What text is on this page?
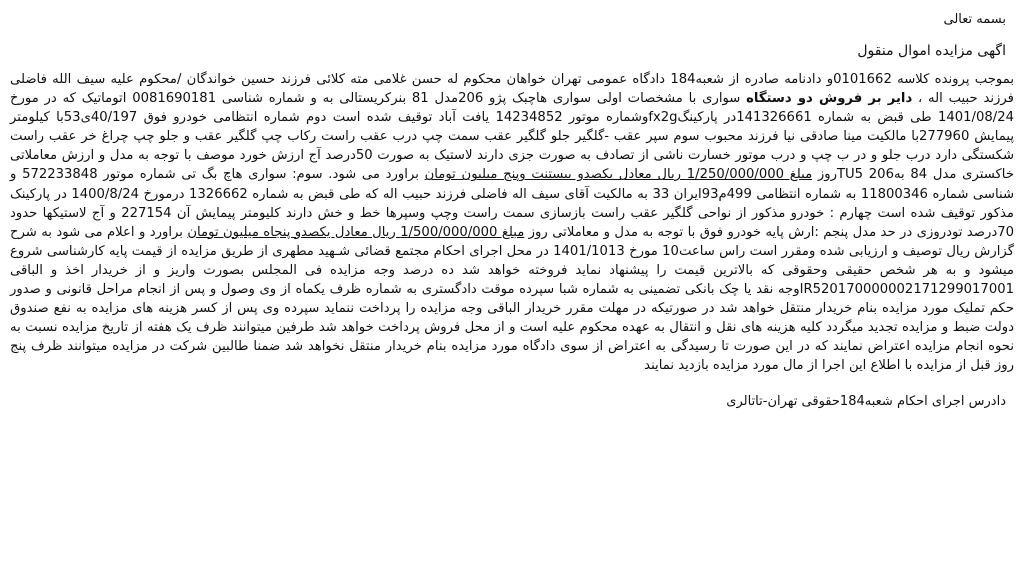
بسمه تعالی
اگهی مزایده اموال منقول

بموجب پرونده کلاسه 0101662و دادنامه صادره از شعبه184 دادگاه عمومی تهران خواهان محکوم له حسن غلامی مته کلائی فرزند حسین خواندگان /محکوم علیه سیف الله فاضلی فرزند حبیب اله ، دایر بر فروش دو دستگاه سواری با مشخصات اولی سواری هاچبک پژو 206مدل 81 بنرکریستالی به و شماره شناسی 0081690181 اتوماتیک که در مورخ 1401/08/24 طی قبض به شماره 141326661در پارکینگfx2gوشماره موتور 14234852 یافت آباد توقیف شده است دوم شماره انتظامی خودرو فوق 40/197ی53با کیلومتر پیمایش 277960با مالکیت مینا صادقی نیا فرزند محبوب سوم سپر عقب -گلگیر جلو گلگیر عقب سمت چپ درب عقب راست رکاب چپ گلگیر عقب و جلو چپ چراغ خر عقب راست شکستگی دارد درب جلو و در ب چپ و درب موتور خسارت ناشی از تصادف به صورت جزی دارند لاستیک به صورت 50درصد آج ارزش خورد موصف با توجه به مدل و ارزش معاملاتی خاکستری مدل 84 به206 TU5روز مبلغ 1/250/000/000 ریال معادل یکصدو بیستنت وپنج میلیون تومان براورد می شود. سوم: سواری هاچ بگ تی شماره موتور 572233848 و شناسی شماره 11800346 به شماره انتظامی 499م93ایران 33 به مالکیت آقای سیف اله فاضلی فرزند حبیب اله که طی قبض به شماره 1326662 درمورخ 1400/8/24 در پارکینک مذکور توقیف شده است چهارم : خودرو مذکور از نواحی گلگیر عقب راست بازسازی سمت راست وچپ وسپرها خط و خش دارند کلیومتر پیمایش آن 227154 و آج لاستیکها حدود 70درصد تودروزی در حد مدل پنجم :ارش پایه خودرو فوق با توجه به مدل و معاملاتی روز مبلغ 1/500/000/000 ریال معادل یکصدو پنجاه میلیون تومان براورد و اعلام می شود به شرح گزارش ریال توصیف و ارزیابی شده ومقرر است راس ساعت10 مورخ 1401/1013 در محل اجرای احکام مجتمع قضائی شـهید مطهری از طریق مزایده از قیمت پایه کارشناسی شروع میشود و به هر شخص حقیقی وحقوقی که بالاترین قیمت را پیشنهاد نماید فروخته خواهد شد ده درصد وجه مزایده فی المجلس بصورت واریز و از خریدار اخذ و الباقی IR520170000002171299017001وجه نقد یا چک بانکی تضمینی به شماره شبا سپرده موقت دادگستری به شماره ظرف یکماه از وی وصول و پس از انجام مراحل قانونی و صدور حکم تملیک مورد مزایده بنام خریدار منتقل خواهد شد در صورتیکه در مهلت مقرر خریدار الباقی وجه مزایده را پرداخت ننماید سپرده وی پس از کسر هزینه های مزایده به نفع صندوق دولت ضبط و مزایده تجدید میگردد کلیه هزینه های نقل و انتقال به عهده محکوم علیه است و از محل فروش پرداخت خواهد شد طرفین میتوانند ظرف یک هفته از تاریخ مزایده نسبت به نحوه انجام مزایده اعتراض نمایند که در این صورت تا رسیدگی به اعتراض از سوی دادگاه مورد مزایده بنام خریدار منتقل نخواهد شد ضمنا طالبین شرکت در مزایده میتوانند ظرف پنج روز قبل از مزایده با اطلاع این اجرا از مال مورد مزایده بازدید نمایند

دادرس اجرای احکام شعبه184حقوقی تهران-تاتالری
